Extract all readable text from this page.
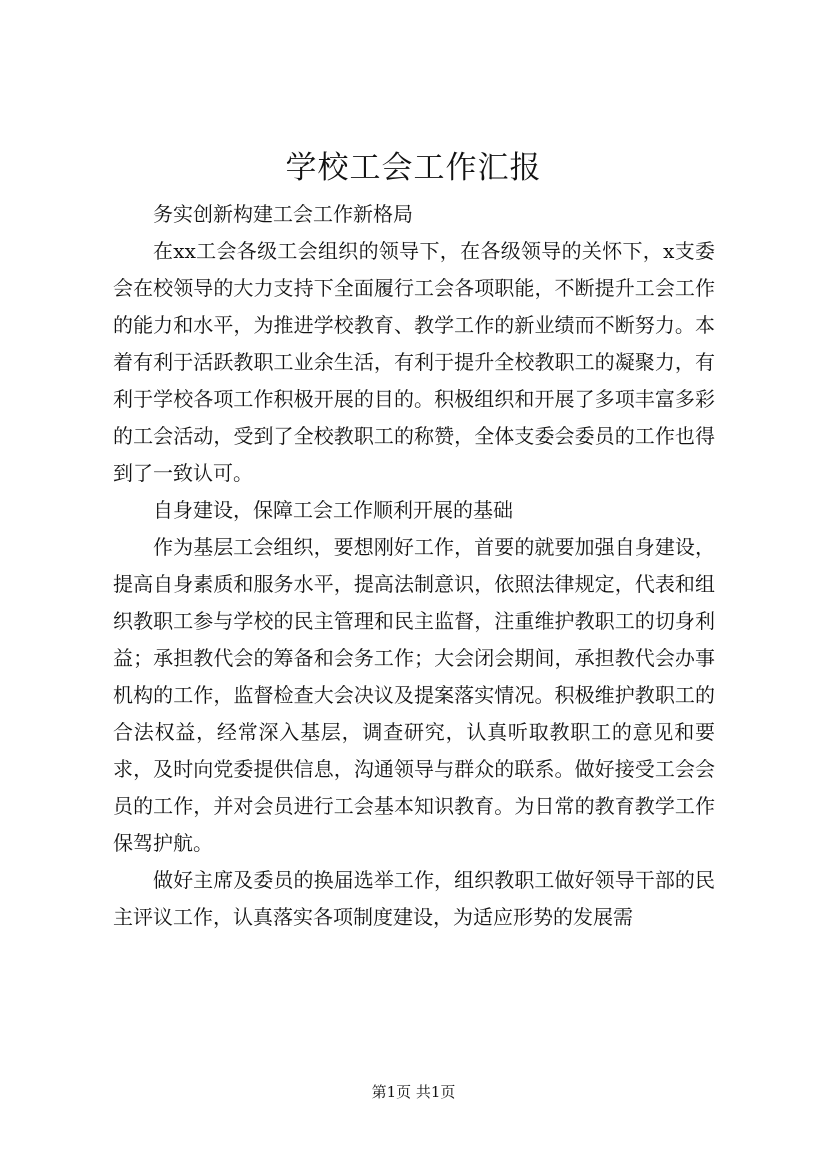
学校工会工作汇报

务实创新构建工会工作新格局

在xx工会各级工会组织的领导下，在各级领导的关怀下，x支委会在校领导的大力支持下全面履行工会各项职能，不断提升工会工作的能力和水平，为推进学校教育、教学工作的新业绩而不断努力。本着有利于活跃教职工业余生活，有利于提升全校教职工的凝聚力，有利于学校各项工作积极开展的目的。积极组织和开展了多项丰富多彩的工会活动，受到了全校教职工的称赞，全体支委会委员的工作也得到了一致认可。

自身建设，保障工会工作顺利开展的基础

作为基层工会组织，要想刚好工作，首要的就要加强自身建设，提高自身素质和服务水平，提高法制意识，依照法律规定，代表和组织教职工参与学校的民主管理和民主监督，注重维护教职工的切身利益；承担教代会的筹备和会务工作；大会闭会期间，承担教代会办事机构的工作，监督检查大会决议及提案落实情况。积极维护教职工的合法权益，经常深入基层，调查研究，认真听取教职工的意见和要求，及时向党委提供信息，沟通领导与群众的联系。做好接受工会会员的工作，并对会员进行工会基本知识教育。为日常的教育教学工作保驾护航。

做好主席及委员的换届选举工作，组织教职工做好领导干部的民主评议工作，认真落实各项制度建设，为适应形势的发展需

第1页 共1页
